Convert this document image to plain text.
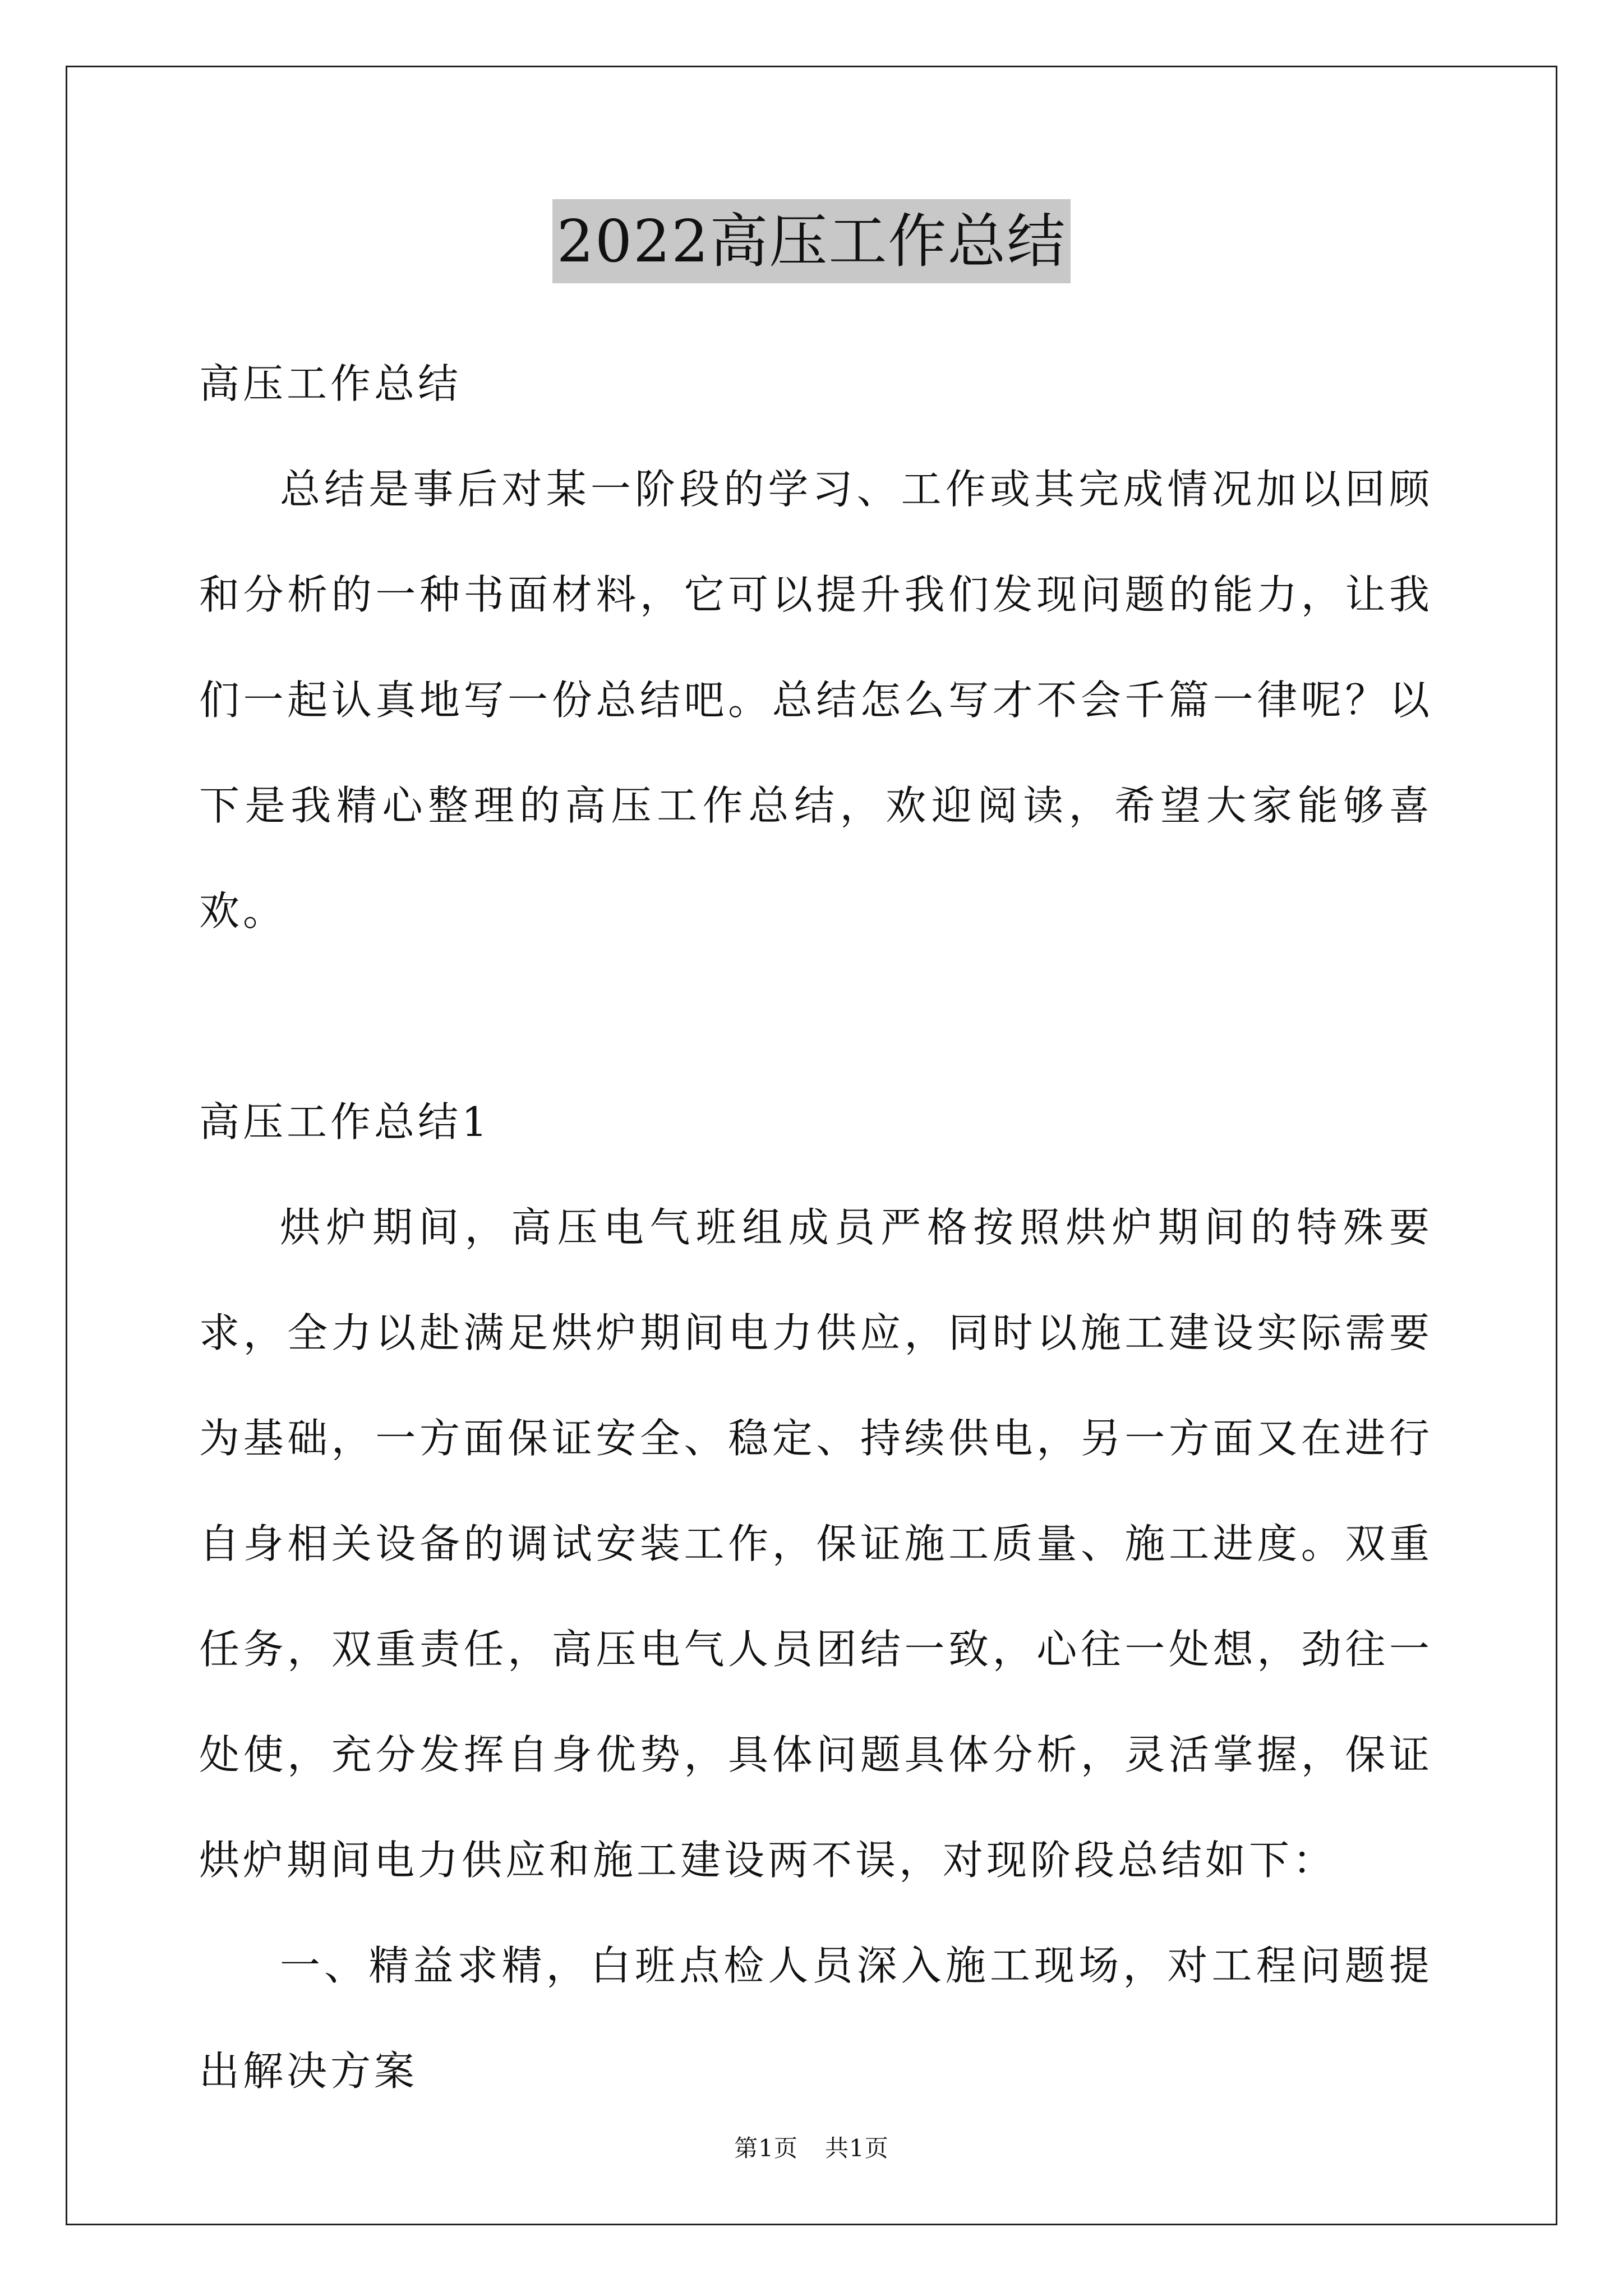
2022高压工作总结

高压工作总结

总结是事后对某一阶段的学习、工作或其完成情况加以回顾和分析的一种书面材料，它可以提升我们发现问题的能力，让我们一起认真地写一份总结吧。总结怎么写才不会千篇一律呢？以下是我精心整理的高压工作总结，欢迎阅读，希望大家能够喜欢。

高压工作总结1

烘炉期间，高压电气班组成员严格按照烘炉期间的特殊要求，全力以赴满足烘炉期间电力供应，同时以施工建设实际需要为基础，一方面保证安全、稳定、持续供电，另一方面又在进行自身相关设备的调试安装工作，保证施工质量、施工进度。双重任务，双重责任，高压电气人员团结一致，心往一处想，劲往一处使，充分发挥自身优势，具体问题具体分析，灵活掌握，保证烘炉期间电力供应和施工建设两不误，对现阶段总结如下：

一、精益求精，白班点检人员深入施工现场，对工程问题提出解决方案

第1页 共1页
